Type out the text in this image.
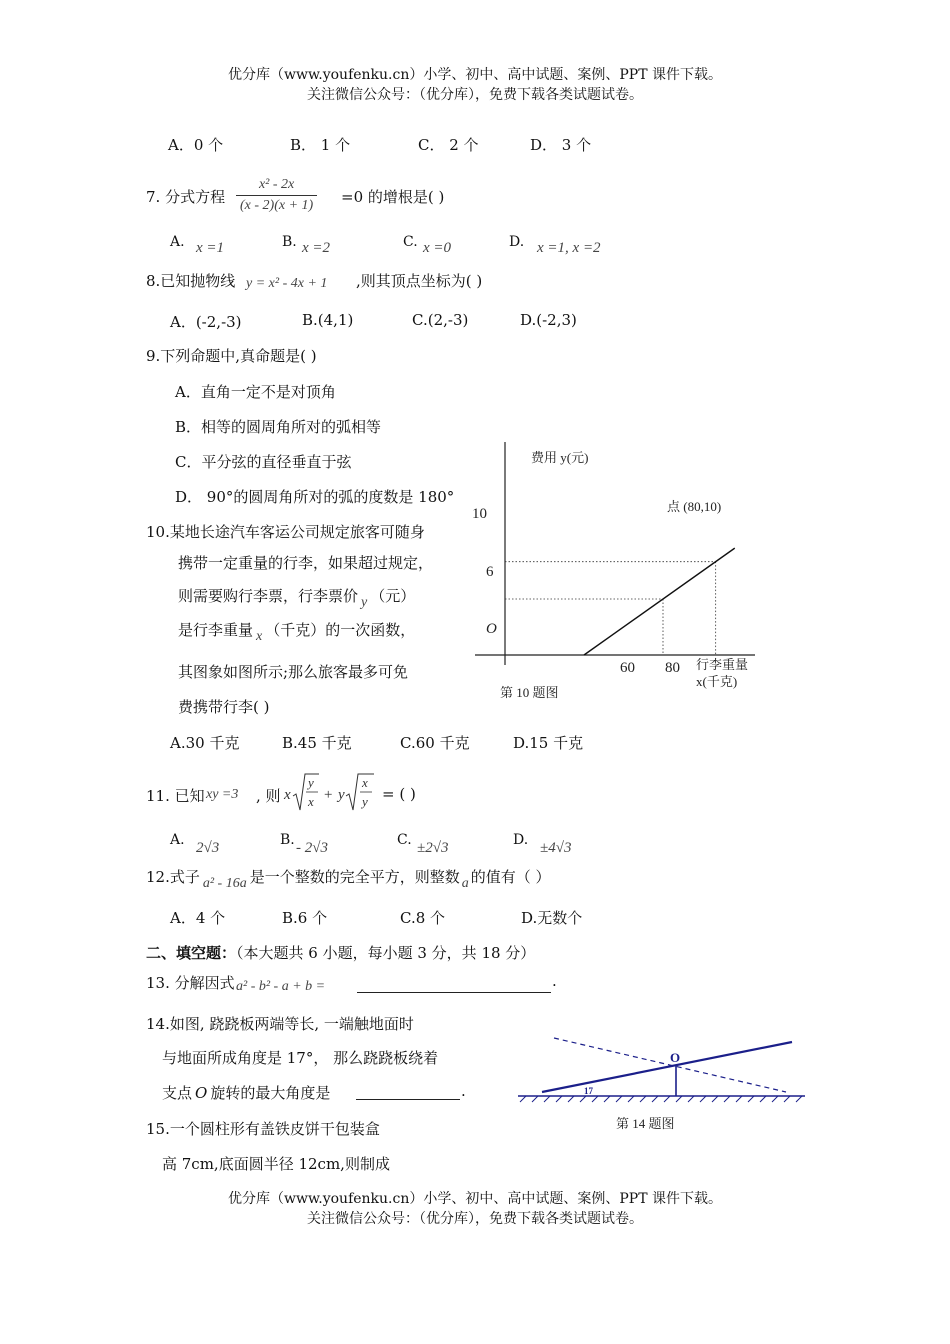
优分库（www.youfenku.cn）小学、初中、高中试题、案例、PPT 课件下载。
关注微信公众号：（优分库），免费下载各类试题试卷。
A．0 个	B． 1 个	C． 2 个	D． 3 个
7. 分式方程 $\frac{\text{x² - 2x}}{(x - 2)(x + 1)} =0$ 的增根是( )
A. x =1	B. x =2	C. x =0	D. x =1, x =2
8.已知抛物线 y = x² - 4x + 1 ,则其顶点坐标为( )
A．(-2,-3)	B.(4,1)	C.(2,-3)	D.(-2,3)
9.下列命题中,真命题是( )
A．直角一定不是对顶角
B．相等的圆周角所对的弧相等
C．平分弦的直径垂直于弦
D． 90°的圆周角所对的弧的度数是 180°
10.某地长途汽车客运公司规定旅客可随身
携带一定重量的行李，如果超过规定，
则需要购行李票，行李票价 y （元）
是行李重量 x （千克）的一次函数，
其图象如图所示;那么旅客最多可免
费携带行李( )
A.30 千克	B.45 千克	C.60 千克	D.15 千克
费用 y(元)
10
6
O
60 80 行李重量
x(千克)
点 (80,10)
第 10 题图
11. 已知 xy =3 , 则 x
y
x + y
x
y = ( )
A. 2√3	B. - 2√3	C. ±2√3	D. ±4√3
12.式子 a² - 16a 是一个整数的完全平方，则整数 a 的值有（ ）
A．4 个	B.6 个	C.8 个	D.无数个
二、填空题：（本大题共 6 小题，每小题 3 分，共 18 分）
13. 分解因式 a² - b² - a + b =	.
14.如图, 跷跷板两端等长, 一端触地面时
与地面所成角度是 17°， 那么跷跷板绕着
支点 O 旋转的最大角度是	.
O
17
第 14 题图
15.一个圆柱形有盖铁皮饼干包装盒
高 7cm,底面圆半径 12cm,则制成
优分库（www.youfenku.cn）小学、初中、高中试题、案例、PPT 课件下载。
关注微信公众号：（优分库），免费下载各类试题试卷。
